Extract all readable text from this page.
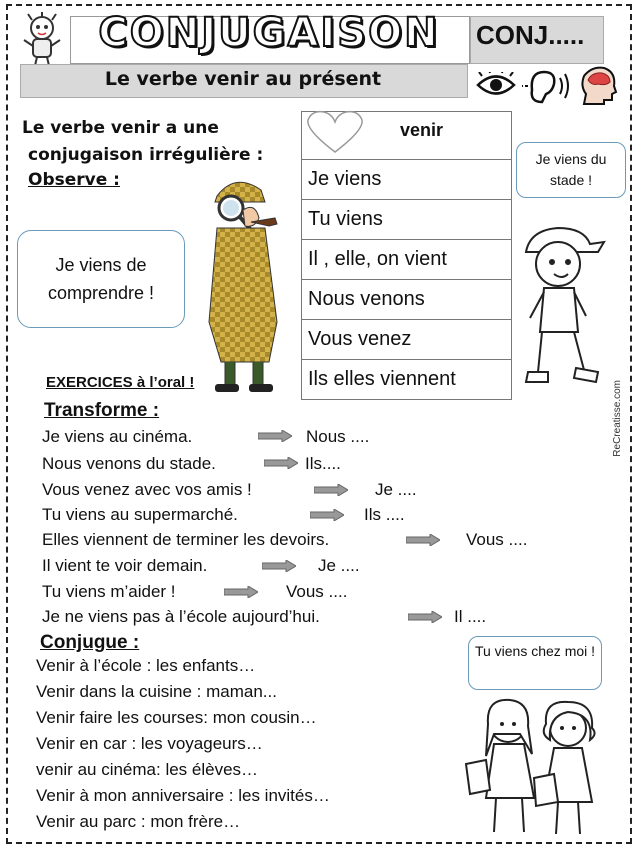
CONJUGAISON	CONJ.....
Le verbe venir au présent
Le verbe venir a une
conjugaison irrégulière :
Observe :
Je viens de comprendre !
venir
Je viens
Tu viens
Il , elle, on vient
Nous venons
Vous venez
Ils elles viennent
Je viens du stade !
ReCreatisse.com
EXERCICES à l’oral !
Transforme :
Je viens au cinéma.	Nous ....
Nous venons du stade.	Ils....
Vous venez avec vos amis !	Je ....
Tu viens au supermarché.	Ils ....
Elles viennent de terminer les devoirs.	Vous ....
Il vient te voir demain.	Je ....
Tu viens m’aider !	Vous ....
Je ne viens pas à l’école aujourd’hui.	Il ....
Conjugue :
Venir à l’école : les enfants…
Venir dans la cuisine : maman...
Venir faire les courses: mon cousin…
Venir en car : les voyageurs…
venir au cinéma: les élèves…
Venir à mon anniversaire : les invités…
Venir au parc : mon frère…
Tu viens chez moi !
